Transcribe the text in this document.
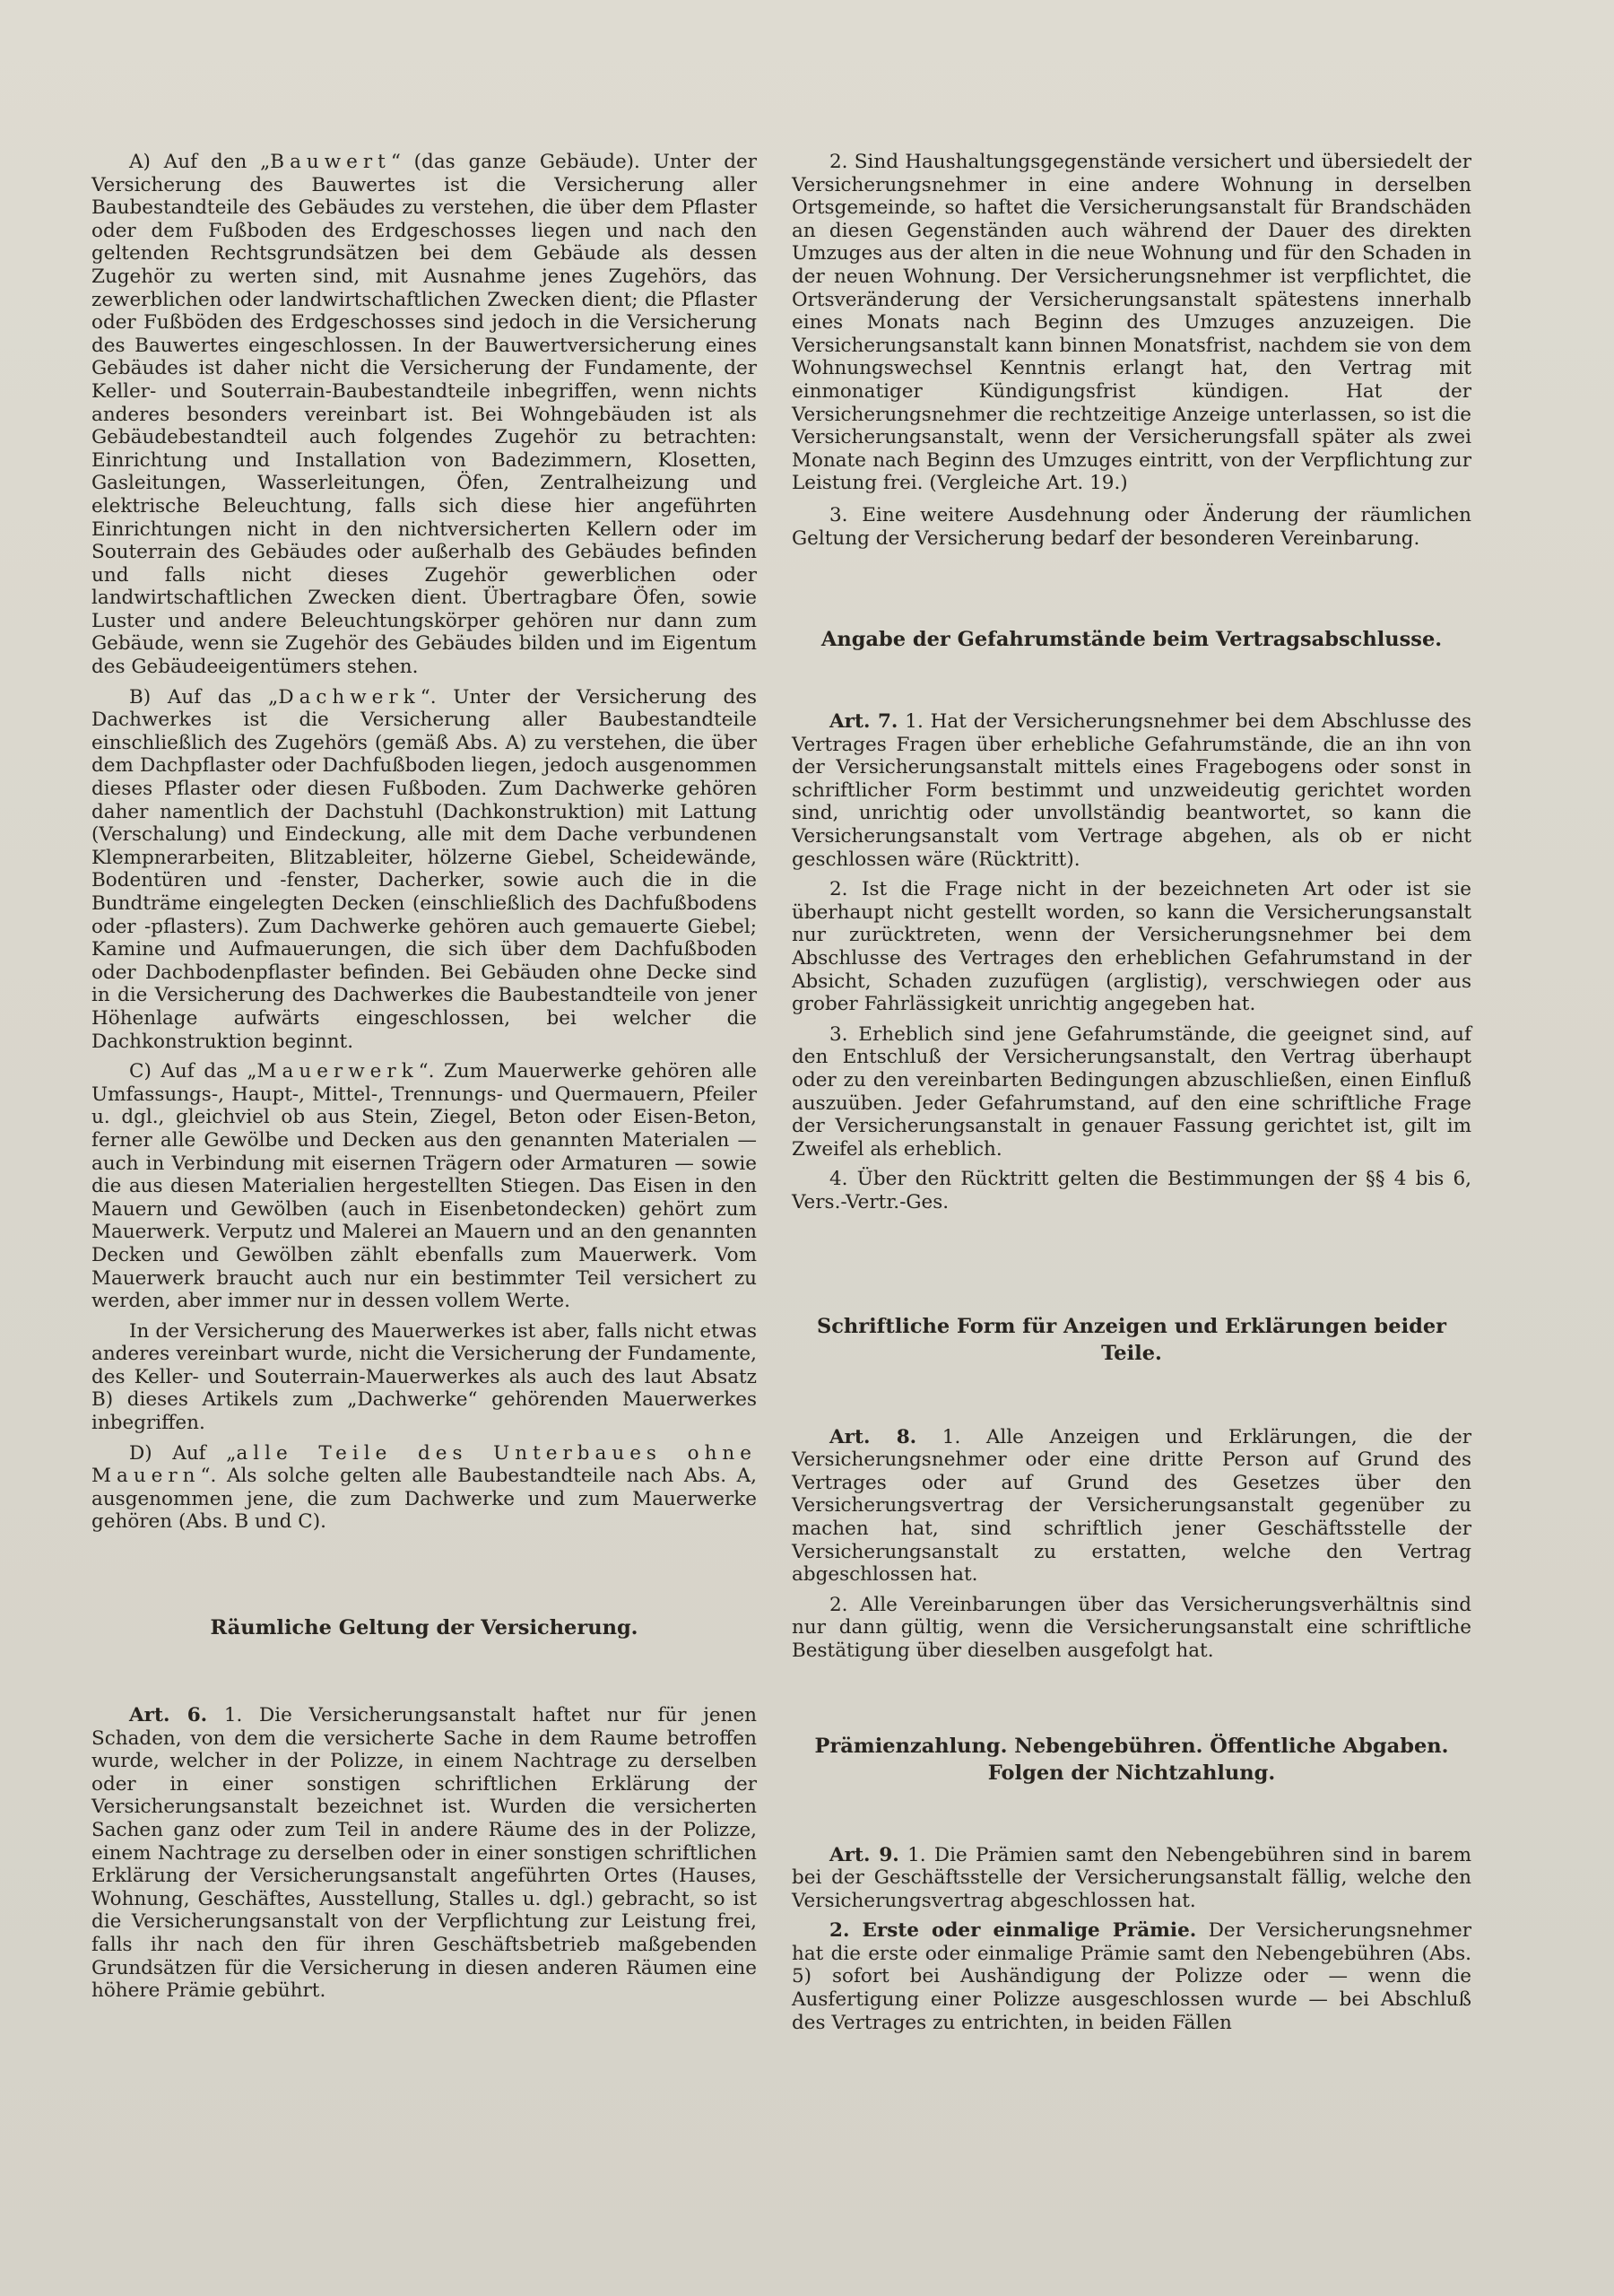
A) Auf den „Bauwert“ (das ganze Gebäude). Unter der Versicherung des Bauwertes ist die Versicherung aller Baubestandteile des Gebäudes zu verstehen, die über dem Pflaster oder dem Fußboden des Erdgeschosses liegen und nach den geltenden Rechtsgrundsätzen bei dem Gebäude als dessen Zugehör zu werten sind, mit Ausnahme jenes Zugehörs, das zewerblichen oder landwirtschaftlichen Zwecken dient; die Pflaster oder Fußböden des Erdgeschosses sind jedoch in die Versicherung des Bauwertes eingeschlossen. In der Bauwertversicherung eines Gebäudes ist daher nicht die Versicherung der Fundamente, der Keller- und Souterrain-Baubestandteile inbegriffen, wenn nichts anderes besonders vereinbart ist. Bei Wohngebäuden ist als Gebäudebestandteil auch folgendes Zugehör zu betrachten: Einrichtung und Installation von Badezimmern, Klosetten, Gasleitungen, Wasserleitungen, Öfen, Zentralheizung und elektrische Beleuchtung, falls sich diese hier angeführten Einrichtungen nicht in den nichtversicherten Kellern oder im Souterrain des Gebäudes oder außerhalb des Gebäudes befinden und falls nicht dieses Zugehör gewerblichen oder landwirtschaftlichen Zwecken dient. Übertragbare Öfen, sowie Luster und andere Beleuchtungskörper gehören nur dann zum Gebäude, wenn sie Zugehör des Gebäudes bilden und im Eigentum des Gebäudeeigentümers stehen.

B) Auf das „Dachwerk“. Unter der Versicherung des Dachwerkes ist die Versicherung aller Baubestandteile einschließlich des Zugehörs (gemäß Abs. A) zu verstehen, die über dem Dachpflaster oder Dachfußboden liegen, jedoch ausgenommen dieses Pflaster oder diesen Fußboden. Zum Dachwerke gehören daher namentlich der Dachstuhl (Dachkonstruktion) mit Lattung (Verschalung) und Eindeckung, alle mit dem Dache verbundenen Klempnerarbeiten, Blitzableiter, hölzerne Giebel, Scheidewände, Bodentüren und -fenster, Dacherker, sowie auch die in die Bundträme eingelegten Decken (einschließlich des Dachfußbodens oder -pflasters). Zum Dachwerke gehören auch gemauerte Giebel; Kamine und Aufmauerungen, die sich über dem Dachfußboden oder Dachbodenpflaster befinden. Bei Gebäuden ohne Decke sind in die Versicherung des Dachwerkes die Baubestandteile von jener Höhenlage aufwärts eingeschlossen, bei welcher die Dachkonstruktion beginnt.

C) Auf das „Mauerwerk“. Zum Mauerwerke gehören alle Umfassungs-, Haupt-, Mittel-, Trennungs- und Quermauern, Pfeiler u. dgl., gleichviel ob aus Stein, Ziegel, Beton oder Eisen-Beton, ferner alle Gewölbe und Decken aus den genannten Materialen — auch in Verbindung mit eisernen Trägern oder Armaturen — sowie die aus diesen Materialien hergestellten Stiegen. Das Eisen in den Mauern und Gewölben (auch in Eisenbetondecken) gehört zum Mauerwerk. Verputz und Malerei an Mauern und an den genannten Decken und Gewölben zählt ebenfalls zum Mauerwerk. Vom Mauerwerk braucht auch nur ein bestimmter Teil versichert zu werden, aber immer nur in dessen vollem Werte.

In der Versicherung des Mauerwerkes ist aber, falls nicht etwas anderes vereinbart wurde, nicht die Versicherung der Fundamente, des Keller- und Souterrain-Mauerwerkes als auch des laut Absatz B) dieses Artikels zum „Dachwerke“ gehörenden Mauerwerkes inbegriffen.

D) Auf „alle Teile des Unterbaues ohne Mauern“. Als solche gelten alle Baubestandteile nach Abs. A, ausgenommen jene, die zum Dachwerke und zum Mauerwerke gehören (Abs. B und C).

Räumliche Geltung der Versicherung.

Art. 6. 1. Die Versicherungsanstalt haftet nur für jenen Schaden, von dem die versicherte Sache in dem Raume betroffen wurde, welcher in der Polizze, in einem Nachtrage zu derselben oder in einer sonstigen schriftlichen Erklärung der Versicherungsanstalt bezeichnet ist. Wurden die versicherten Sachen ganz oder zum Teil in andere Räume des in der Polizze, einem Nachtrage zu derselben oder in einer sonstigen schriftlichen Erklärung der Versicherungsanstalt angeführten Ortes (Hauses, Wohnung, Geschäftes, Ausstellung, Stalles u. dgl.) gebracht, so ist die Versicherungsanstalt von der Verpflichtung zur Leistung frei, falls ihr nach den für ihren Geschäftsbetrieb maßgebenden Grundsätzen für die Versicherung in diesen anderen Räumen eine höhere Prämie gebührt.

2. Sind Haushaltungsgegenstände versichert und übersiedelt der Versicherungsnehmer in eine andere Wohnung in derselben Ortsgemeinde, so haftet die Versicherungsanstalt für Brandschäden an diesen Gegenständen auch während der Dauer des direkten Umzuges aus der alten in die neue Wohnung und für den Schaden in der neuen Wohnung. Der Versicherungsnehmer ist verpflichtet, die Ortsveränderung der Versicherungsanstalt spätestens innerhalb eines Monats nach Beginn des Umzuges anzuzeigen. Die Versicherungsanstalt kann binnen Monatsfrist, nachdem sie von dem Wohnungswechsel Kenntnis erlangt hat, den Vertrag mit einmonatiger Kündigungsfrist kündigen. Hat der Versicherungsnehmer die rechtzeitige Anzeige unterlassen, so ist die Versicherungsanstalt, wenn der Versicherungsfall später als zwei Monate nach Beginn des Umzuges eintritt, von der Verpflichtung zur Leistung frei. (Vergleiche Art. 19.)

3. Eine weitere Ausdehnung oder Änderung der räumlichen Geltung der Versicherung bedarf der besonderen Vereinbarung.

Angabe der Gefahrumstände beim Vertragsabschlusse.

Art. 7. 1. Hat der Versicherungsnehmer bei dem Abschlusse des Vertrages Fragen über erhebliche Gefahrumstände, die an ihn von der Versicherungsanstalt mittels eines Fragebogens oder sonst in schriftlicher Form bestimmt und unzweideutig gerichtet worden sind, unrichtig oder unvollständig beantwortet, so kann die Versicherungsanstalt vom Vertrage abgehen, als ob er nicht geschlossen wäre (Rücktritt).

2. Ist die Frage nicht in der bezeichneten Art oder ist sie überhaupt nicht gestellt worden, so kann die Versicherungsanstalt nur zurücktreten, wenn der Versicherungsnehmer bei dem Abschlusse des Vertrages den erheblichen Gefahrumstand in der Absicht, Schaden zuzufügen (arglistig), verschwiegen oder aus grober Fahrlässigkeit unrichtig angegeben hat.

3. Erheblich sind jene Gefahrumstände, die geeignet sind, auf den Entschluß der Versicherungsanstalt, den Vertrag überhaupt oder zu den vereinbarten Bedingungen abzuschließen, einen Einfluß auszuüben. Jeder Gefahrumstand, auf den eine schriftliche Frage der Versicherungsanstalt in genauer Fassung gerichtet ist, gilt im Zweifel als erheblich.

4. Über den Rücktritt gelten die Bestimmungen der §§ 4 bis 6, Vers.-Vertr.-Ges.

Schriftliche Form für Anzeigen und Erklärungen beider Teile.

Art. 8. 1. Alle Anzeigen und Erklärungen, die der Versicherungsnehmer oder eine dritte Person auf Grund des Vertrages oder auf Grund des Gesetzes über den Versicherungsvertrag der Versicherungsanstalt gegenüber zu machen hat, sind schriftlich jener Geschäftsstelle der Versicherungsanstalt zu erstatten, welche den Vertrag abgeschlossen hat.

2. Alle Vereinbarungen über das Versicherungsverhältnis sind nur dann gültig, wenn die Versicherungsanstalt eine schriftliche Bestätigung über dieselben ausgefolgt hat.

Prämienzahlung. Nebengebühren. Öffentliche Abgaben. Folgen der Nichtzahlung.

Art. 9. 1. Die Prämien samt den Nebengebühren sind in barem bei der Geschäftsstelle der Versicherungsanstalt fällig, welche den Versicherungsvertrag abgeschlossen hat.

2. Erste oder einmalige Prämie. Der Versicherungsnehmer hat die erste oder einmalige Prämie samt den Nebengebühren (Abs. 5) sofort bei Aushändigung der Polizze oder — wenn die Ausfertigung einer Polizze ausgeschlossen wurde — bei Abschluß des Vertrages zu entrichten, in beiden Fällen
